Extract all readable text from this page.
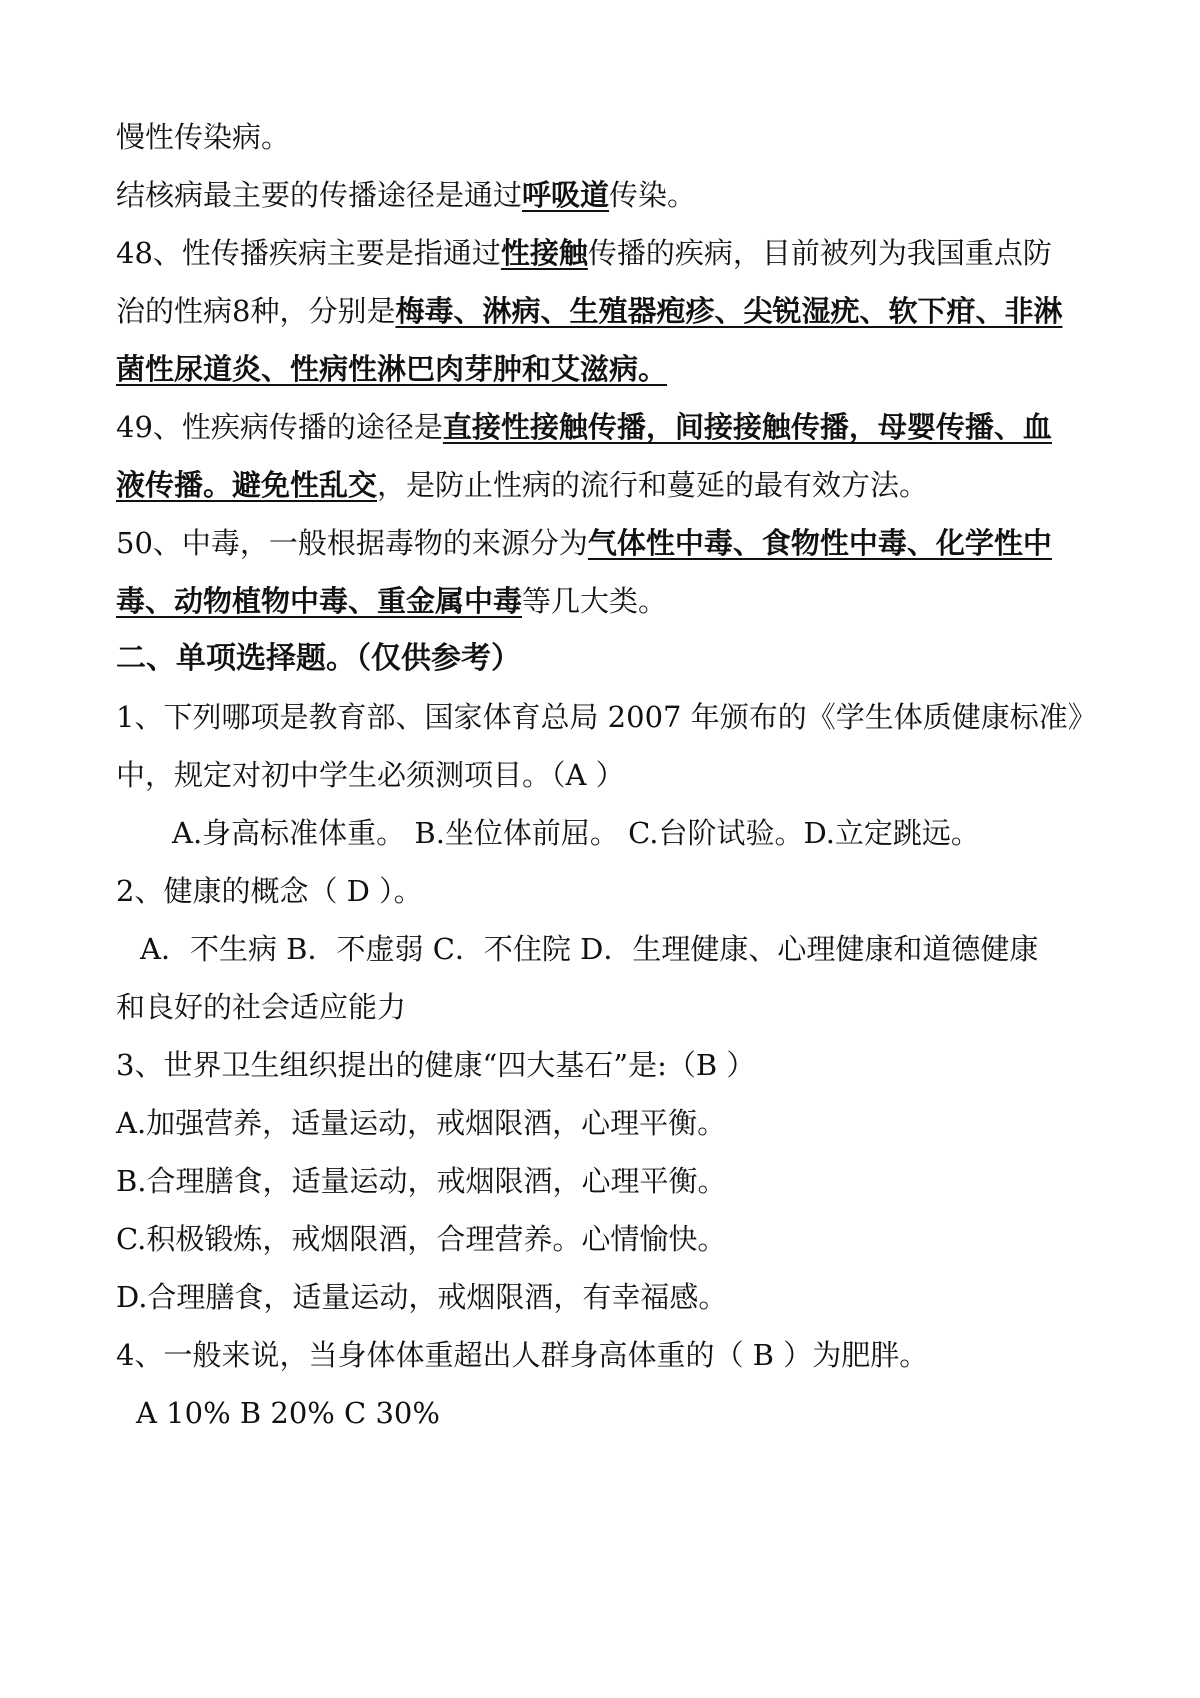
慢性传染病。
结核病最主要的传播途径是通过呼吸道传染。
48、性传播疾病主要是指通过性接触传播的疾病，目前被列为我国重点防
治的性病8种，分别是梅毒、淋病、生殖器疱疹、尖锐湿疣、软下疳、非淋
菌性尿道炎、性病性淋巴肉芽肿和艾滋病。
49、性疾病传播的途径是直接性接触传播，间接接触传播，母婴传播、血
液传播。避免性乱交，是防止性病的流行和蔓延的最有效方法。
50、中毒，一般根据毒物的来源分为气体性中毒、食物性中毒、化学性中
毒、动物植物中毒、重金属中毒等几大类。
二、单项选择题。（仅供参考）
1、下列哪项是教育部、国家体育总局 2007 年颁布的《学生体质健康标准》
中，规定对初中学生必须测项目。（A ）
A.身高标准体重。 B.坐位体前屈。 C.台阶试验。D.立定跳远。
2、健康的概念（ D ）。
A．不生病 B．不虚弱 C．不住院 D．生理健康、心理健康和道德健康
和良好的社会适应能力
3、世界卫生组织提出的健康“四大基石”是:（B ）
A.加强营养，适量运动，戒烟限酒，心理平衡。
B.合理膳食，适量运动，戒烟限酒，心理平衡。
C.积极锻炼，戒烟限酒，合理营养。心情愉快。
D.合理膳食，适量运动，戒烟限酒，有幸福感。
4、一般来说，当身体体重超出人群身高体重的（ B ）为肥胖。
A 10% B 20% C 30%
